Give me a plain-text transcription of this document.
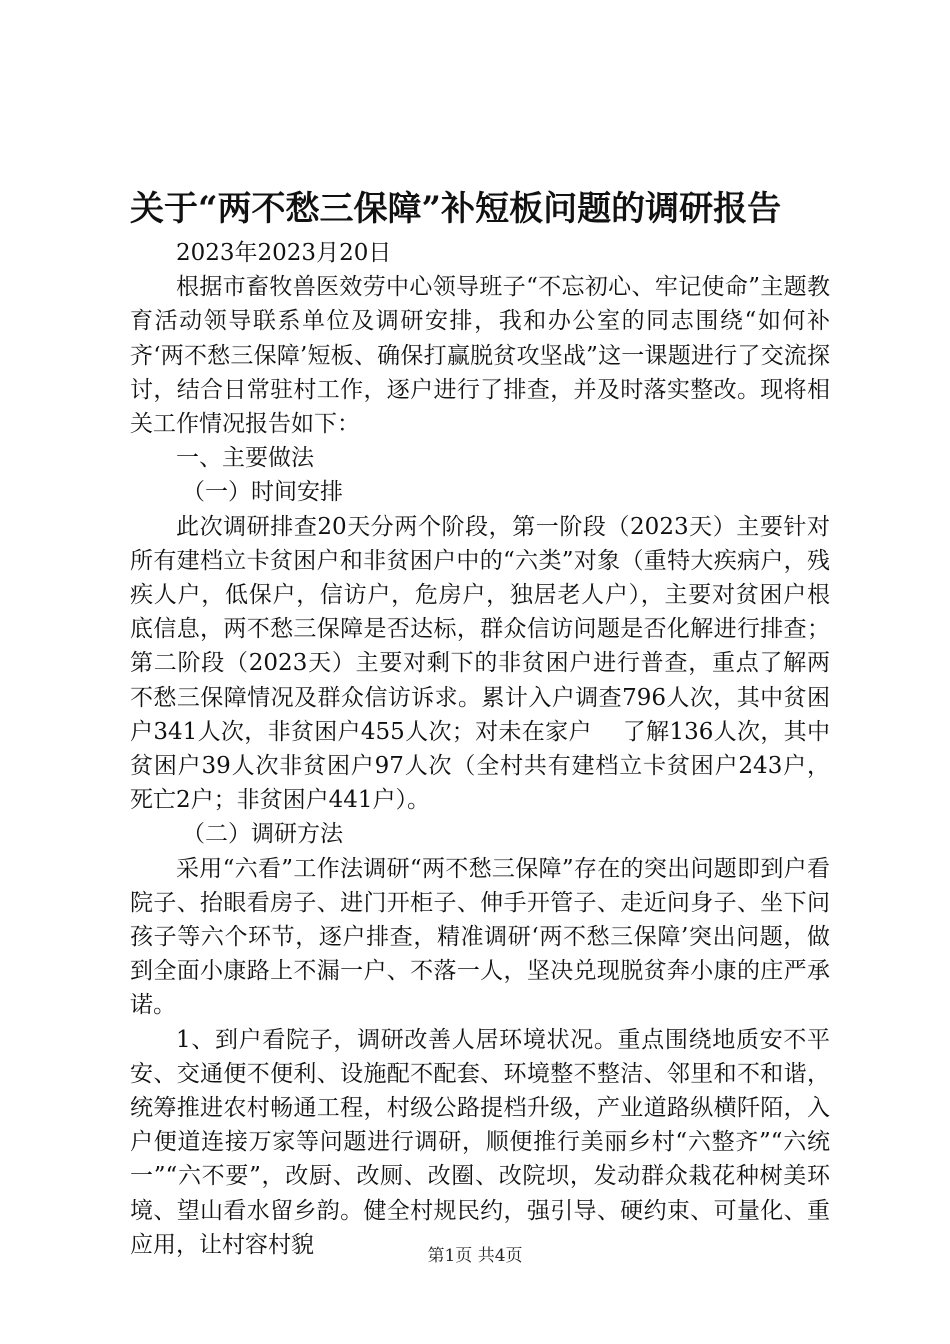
关于“两不愁三保障”补短板问题的调研报告

2023年2023月20日

根据市畜牧兽医效劳中心领导班子“不忘初心、牢记使命”主题教育活动领导联系单位及调研安排，我和办公室的同志围绕“如何补齐‘两不愁三保障’短板、确保打赢脱贫攻坚战”这一课题进行了交流探讨，结合日常驻村工作，逐户进行了排查，并及时落实整改。现将相关工作情况报告如下：

一、主要做法

（一）时间安排

此次调研排查20天分两个阶段，第一阶段（2023天）主要针对所有建档立卡贫困户和非贫困户中的“六类”对象（重特大疾病户，残疾人户，低保户，信访户，危房户，独居老人户），主要对贫困户根底信息，两不愁三保障是否达标，群众信访问题是否化解进行排查；第二阶段（2023天）主要对剩下的非贫困户进行普查，重点了解两不愁三保障情况及群众信访诉求。累计入户调查796人次，其中贫困户341人次，非贫困户455人次；对未在家户　 了解136人次，其中贫困户39人次非贫困户97人次（全村共有建档立卡贫困户243户，死亡2户；非贫困户441户）。

（二）调研方法

采用“六看”工作法调研“两不愁三保障”存在的突出问题即到户看院子、抬眼看房子、进门开柜子、伸手开管子、走近问身子、坐下问孩子等六个环节，逐户排查，精准调研‘两不愁三保障’突出问题，做到全面小康路上不漏一户、不落一人，坚决兑现脱贫奔小康的庄严承诺。

1、到户看院子，调研改善人居环境状况。重点围绕地质安不平安、交通便不便利、设施配不配套、环境整不整洁、邻里和不和谐，统筹推进农村畅通工程，村级公路提档升级，产业道路纵横阡陌，入户便道连接万家等问题进行调研，顺便推行美丽乡村“六整齐”“六统一”“六不要”，改厨、改厕、改圈、改院坝，发动群众栽花种树美环境、望山看水留乡韵。健全村规民约，强引导、硬约束、可量化、重应用，让村容村貌	第1页 共4页
